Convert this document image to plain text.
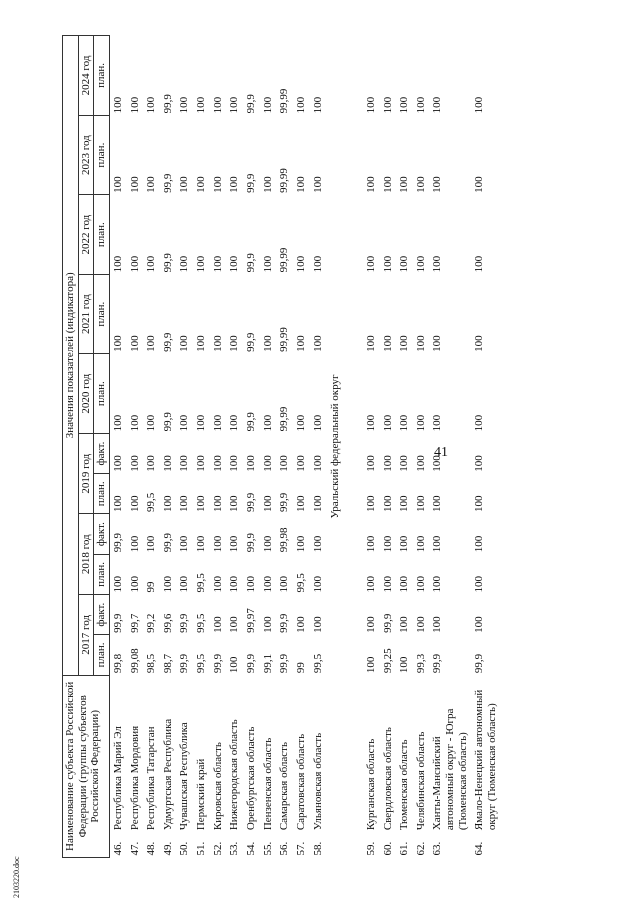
41
2103220.doc
Наименование субъекта Российской Федерации (группы субъектов Российской Федерации)		Значения показателей (индикатора)										
		2017 год		2018 год		2019 год		2020 год	2021 год	2022 год	2023 год	2024 год
		план.	факт.	план.	факт.	план.	факт.	план.	план.	план.	план.	план.
46.	Республика Марий Эл	99,8	99,9	100	99,9	100	100	100	100	100	100	100
47.	Республика Мордовия	99,08	99,7	100	100	100	100	100	100	100	100	100
48.	Республика Татарстан	98,5	99,2	99	100	99,5	100	100	100	100	100	100
49.	Удмуртская Республика	98,7	99,6	100	99,9	100	100	99,9	99,9	99,9	99,9	99,9
50.	Чувашская Республика	99,9	99,9	100	100	100	100	100	100	100	100	100
51.	Пермский край	99,5	99,5	99,5	100	100	100	100	100	100	100	100
52.	Кировская область	99,9	100	100	100	100	100	100	100	100	100	100
53.	Нижегородская область	100	100	100	100	100	100	100	100	100	100	100
54.	Оренбургская область	99,9	99,97	100	99,9	99,9	100	99,9	99,9	99,9	99,9	99,9
55.	Пензенская область	99,1	100	100	100	100	100	100	100	100	100	100
56.	Самарская область	99,9	99,9	100	99,98	99,9	100	99,99	99,99	99,99	99,99	99,99
57.	Саратовская область	99	100	99,5	100	100	100	100	100	100	100	100
58.	Ульяновская область	99,5	100	100	100	100	100	100	100	100	100	100
Уральский федеральный округ												

59.	Курганская область	100	100	100	100	100	100	100	100	100	100	100
60.	Свердловская область	99,25	99,9	100	100	100	100	100	100	100	100	100
61.	Тюменская область	100	100	100	100	100	100	100	100	100	100	100
62.	Челябинская область	99,3	100	100	100	100	100	100	100	100	100	100
63.	Ханты-Мансийский автономный округ - Югра (Тюменская область)	99,9	100	100	100	100	100	100	100	100	100	100
64.	Ямало-Ненецкий автономный округ (Тюменская область)	99,9	100	100	100	100	100	100	100	100	100	100
